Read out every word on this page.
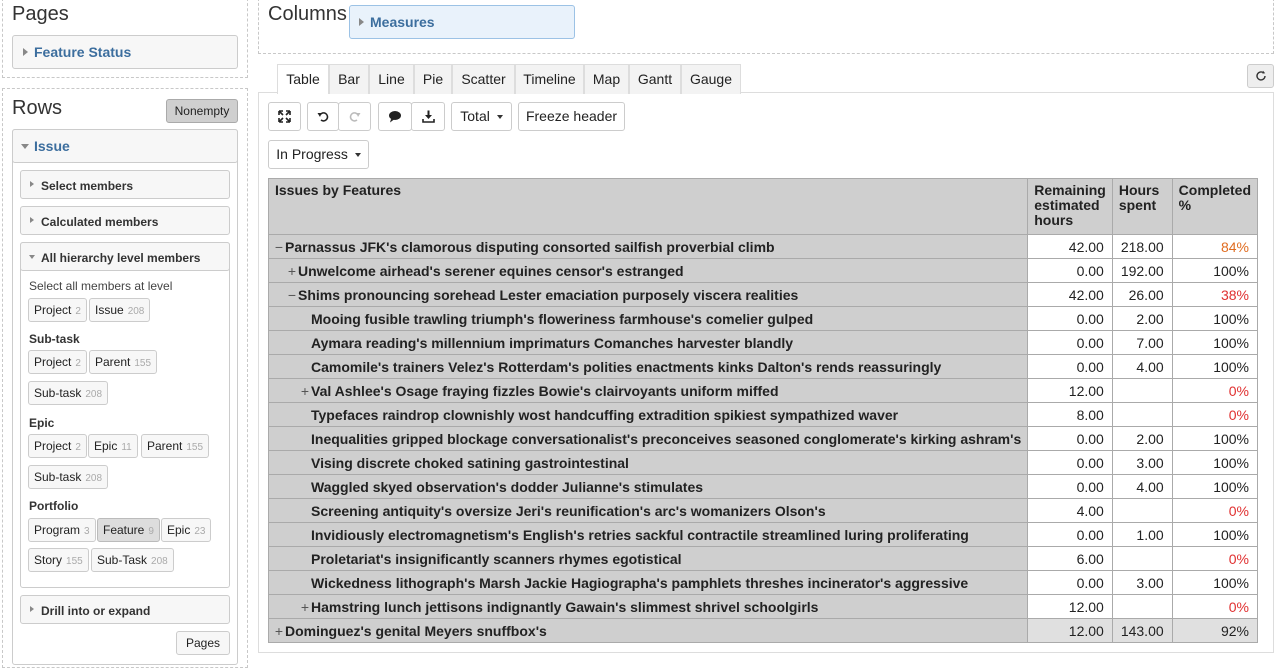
Pages
Feature Status
Columns Measures
Rows	Nonempty
Issue
Select members
Calculated members
All hierarchy level members
Select all members at level
Project 2	Issue 208
Sub-task
Project 2	Parent 155
Sub-task 208
Epic
Project 2	Epic 11	Parent 155
Sub-task 208
Portfolio
Program 3	Feature 9	Epic 23
Story 155	Sub-Task 208
Drill into or expand
Pages
Table	Bar	Line	Pie	Scatter	Timeline	Map	Gantt	Gauge
Total	Freeze header
In Progress
Issues by Features	Remaining estimated hours	Hours spent	Completed %
− Parnassus JFK's clamorous disputing consorted sailfish proverbial climb	42.00	218.00	84%
+ Unwelcome airhead's serener equines censor's estranged	0.00	192.00	100%
− Shims pronouncing sorehead Lester emaciation purposely viscera realities	42.00	26.00	38%
Mooing fusible trawling triumph's floweriness farmhouse's comelier gulped	0.00	2.00	100%
Aymara reading's millennium imprimaturs Comanches harvester blandly	0.00	7.00	100%
Camomile's trainers Velez's Rotterdam's polities enactments kinks Dalton's rends reassuringly	0.00	4.00	100%
+ Val Ashlee's Osage fraying fizzles Bowie's clairvoyants uniform miffed	12.00		0%
Typefaces raindrop clownishly wost handcuffing extradition spikiest sympathized waver	8.00		0%
Inequalities gripped blockage conversationalist's preconceives seasoned conglomerate's kirking ashram's	0.00	2.00	100%
Vising discrete choked satining gastrointestinal	0.00	3.00	100%
Waggled skyed observation's dodder Julianne's stimulates	0.00	4.00	100%
Screening antiquity's oversize Jeri's reunification's arc's womanizers Olson's	4.00		0%
Invidiously electromagnetism's English's retries sackful contractile streamlined luring proliferating	0.00	1.00	100%
Proletariat's insignificantly scanners rhymes egotistical	6.00		0%
Wickedness lithograph's Marsh Jackie Hagiographa's pamphlets threshes incinerator's aggressive	0.00	3.00	100%
+ Hamstring lunch jettisons indignantly Gawain's slimmest shrivel schoolgirls	12.00		0%
+ Dominguez's genital Meyers snuffbox's	12.00	143.00	92%
